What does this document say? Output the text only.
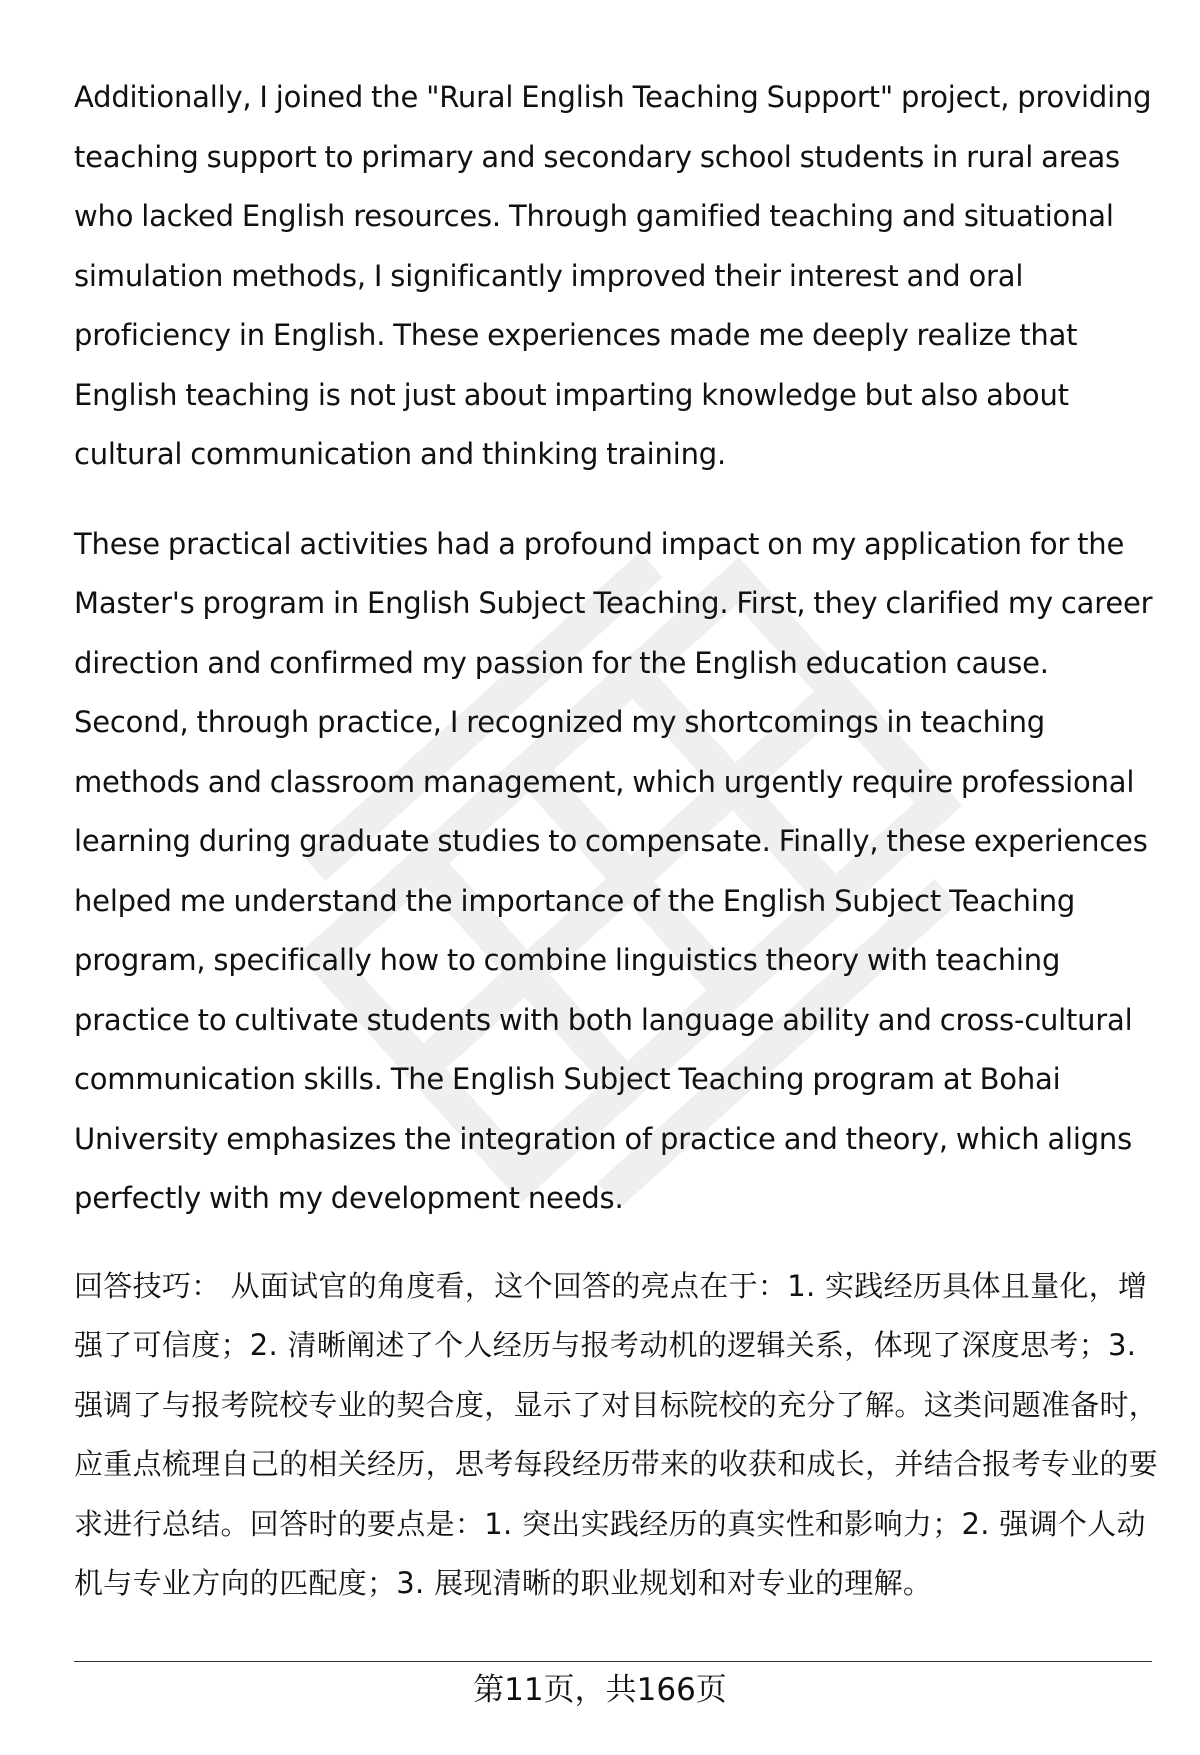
Additionally, I joined the "Rural English Teaching Support" project, providing teaching support to primary and secondary school students in rural areas who lacked English resources. Through gamified teaching and situational simulation methods, I significantly improved their interest and oral proficiency in English. These experiences made me deeply realize that English teaching is not just about imparting knowledge but also about cultural communication and thinking training.

These practical activities had a profound impact on my application for the Master's program in English Subject Teaching. First, they clarified my career direction and confirmed my passion for the English education cause. Second, through practice, I recognized my shortcomings in teaching methods and classroom management, which urgently require professional learning during graduate studies to compensate. Finally, these experiences helped me understand the importance of the English Subject Teaching program, specifically how to combine linguistics theory with teaching practice to cultivate students with both language ability and cross-cultural communication skills. The English Subject Teaching program at Bohai University emphasizes the integration of practice and theory, which aligns perfectly with my development needs.

回答技巧： 从面试官的角度看，这个回答的亮点在于：1. 实践经历具体且量化，增强了可信度；2. 清晰阐述了个人经历与报考动机的逻辑关系，体现了深度思考；3. 强调了与报考院校专业的契合度，显示了对目标院校的充分了解。这类问题准备时，应重点梳理自己的相关经历，思考每段经历带来的收获和成长，并结合报考专业的要求进行总结。回答时的要点是：1. 突出实践经历的真实性和影响力；2. 强调个人动机与专业方向的匹配度；3. 展现清晰的职业规划和对专业的理解。

第11页，共166页
